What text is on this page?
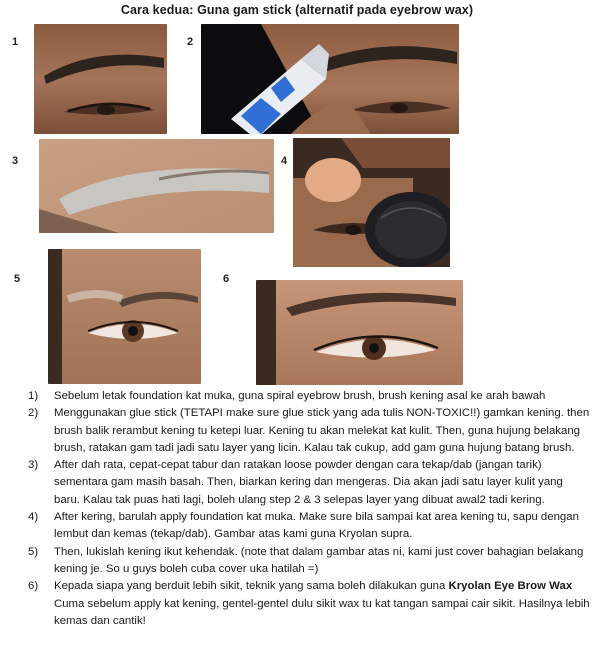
Cara kedua: Guna gam stick (alternatif pada eyebrow wax)
1	2
3	4
5	6
1) Sebelum letak foundation kat muka, guna spiral eyebrow brush, brush kening asal ke arah bawah
2) Menggunakan glue stick (TETAPI make sure glue stick yang ada tulis NON-TOXIC!!) gamkan kening. then brush balik rerambut kening tu ketepi luar. Kening tu akan melekat kat kulit. Then, guna hujung belakang brush, ratakan gam tadi jadi satu layer yang licin. Kalau tak cukup, add gam guna hujung batang brush.
3) After dah rata, cepat-cepat tabur dan ratakan loose powder dengan cara tekap/dab (jangan tarik) sementara gam masih basah. Then, biarkan kering dan mengeras. Dia akan jadi satu layer kulit yang baru. Kalau tak puas hati lagi, boleh ulang step 2 & 3 selepas layer yang dibuat awal2 tadi kering.
4) After kering, barulah apply foundation kat muka. Make sure bila sampai kat area kening tu, sapu dengan lembut dan kemas (tekap/dab). Gambar atas kami guna Kryolan supra.
5) Then, lukislah kening ikut kehendak. (note that dalam gambar atas ni, kami just cover bahagian belakang kening je. So u guys boleh cuba cover uka hatilah =)
6) Kepada siapa yang berduit lebih sikit, teknik yang sama boleh dilakukan guna Kryolan Eye Brow Wax Cuma sebelum apply kat kening, gentel-gentel dulu sikit wax tu kat tangan sampai cair sikit. Hasilnya lebih kemas dan cantik!
